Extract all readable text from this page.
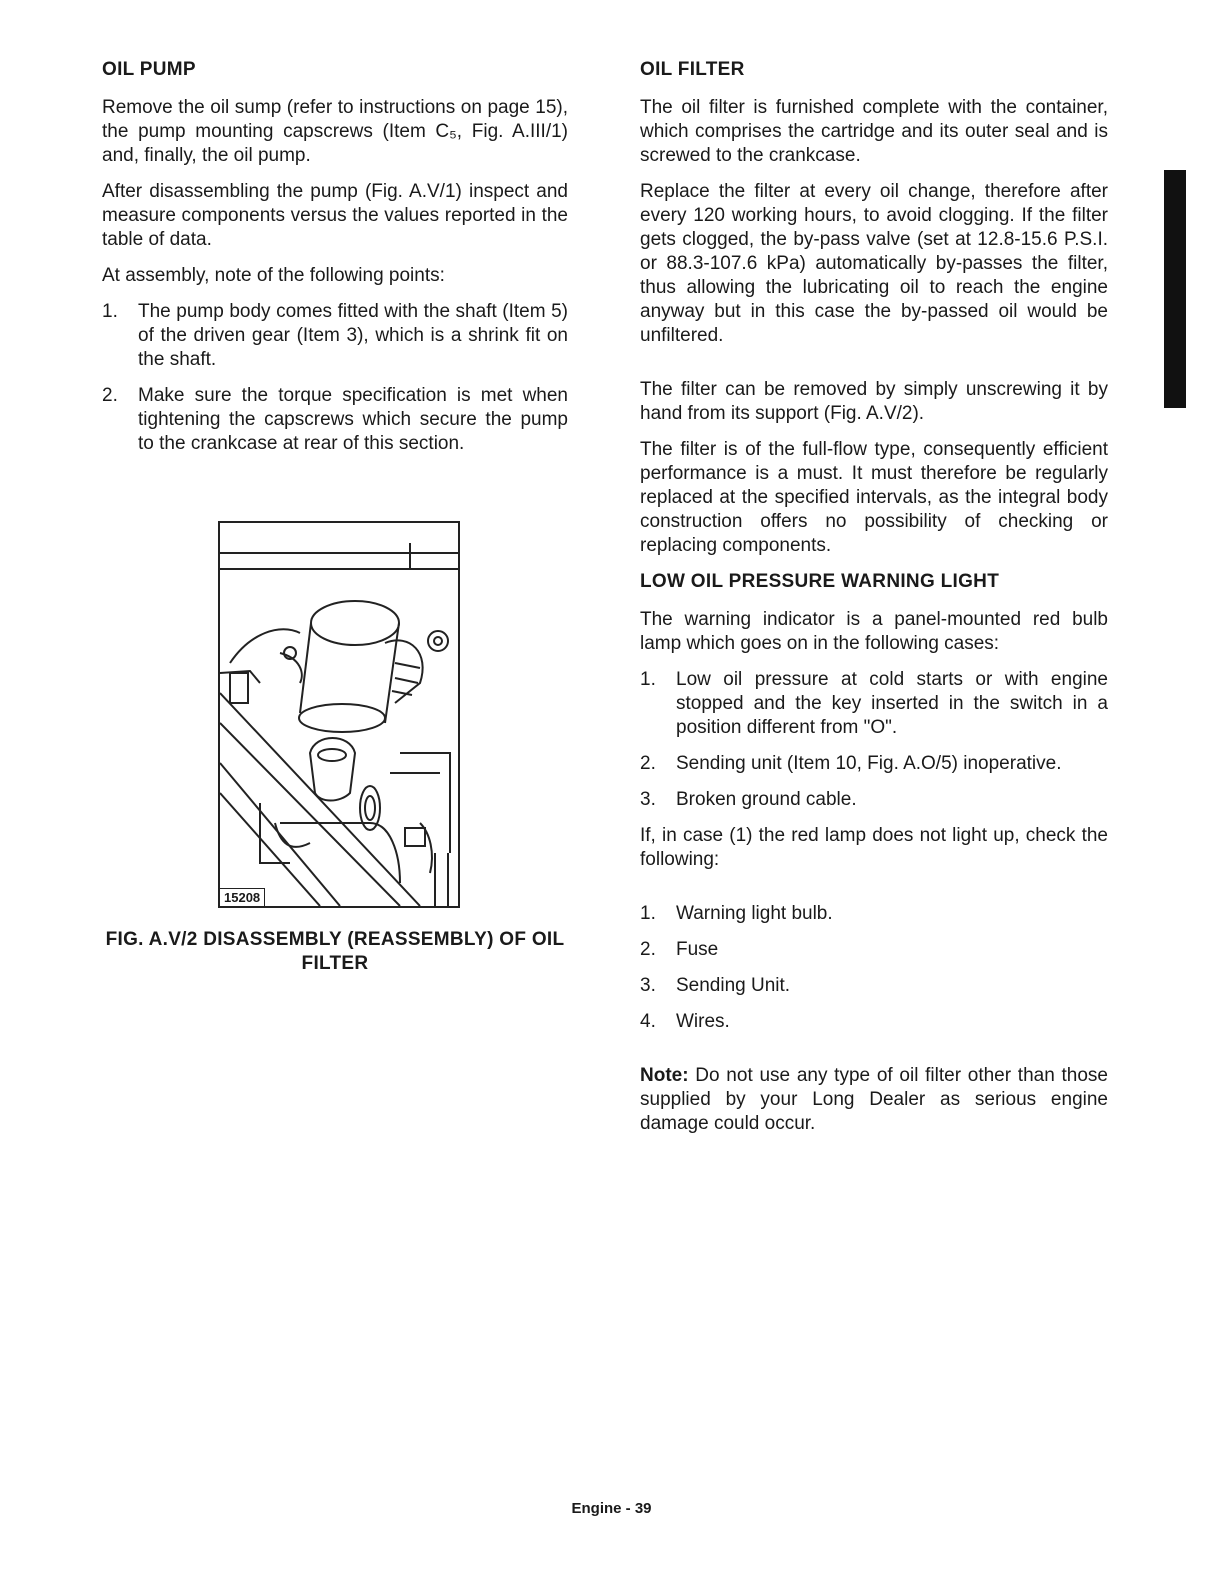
OIL PUMP

Remove the oil sump (refer to instructions on page 15), the pump mounting capscrews (Item C₅, Fig. A.III/1) and, finally, the oil pump.

After disassembling the pump (Fig. A.V/1) inspect and measure components versus the values reported in the table of data.

At assembly, note of the following points:

1. The pump body comes fitted with the shaft (Item 5) of the driven gear (Item 3), which is a shrink fit on the shaft.
2. Make sure the torque specification is met when tightening the capscrews which secure the pump to the crankcase at rear of this section.
15208
FIG. A.V/2 DISASSEMBLY (REASSEMBLY) OF OIL FILTER
OIL FILTER

The oil filter is furnished complete with the container, which comprises the cartridge and its outer seal and is screwed to the crankcase.

Replace the filter at every oil change, therefore after every 120 working hours, to avoid clogging. If the filter gets clogged, the by-pass valve (set at 12.8-15.6 P.S.I. or 88.3-107.6 kPa) automatically by-passes the filter, thus allowing the lubricating oil to reach the engine anyway but in this case the by-passed oil would be unfiltered.

The filter can be removed by simply unscrewing it by hand from its support (Fig. A.V/2).

The filter is of the full-flow type, consequently efficient performance is a must. It must therefore be regularly replaced at the specified intervals, as the integral body construction offers no possibility of checking or replacing components.

LOW OIL PRESSURE WARNING LIGHT

The warning indicator is a panel-mounted red bulb lamp which goes on in the following cases:

1. Low oil pressure at cold starts or with engine stopped and the key inserted in the switch in a position different from "O".
2. Sending unit (Item 10, Fig. A.O/5) inoperative.
3. Broken ground cable.

If, in case (1) the red lamp does not light up, check the following:

1. Warning light bulb.
2. Fuse
3. Sending Unit.
4. Wires.

Note: Do not use any type of oil filter other than those supplied by your Long Dealer as serious engine damage could occur.

Engine - 39
